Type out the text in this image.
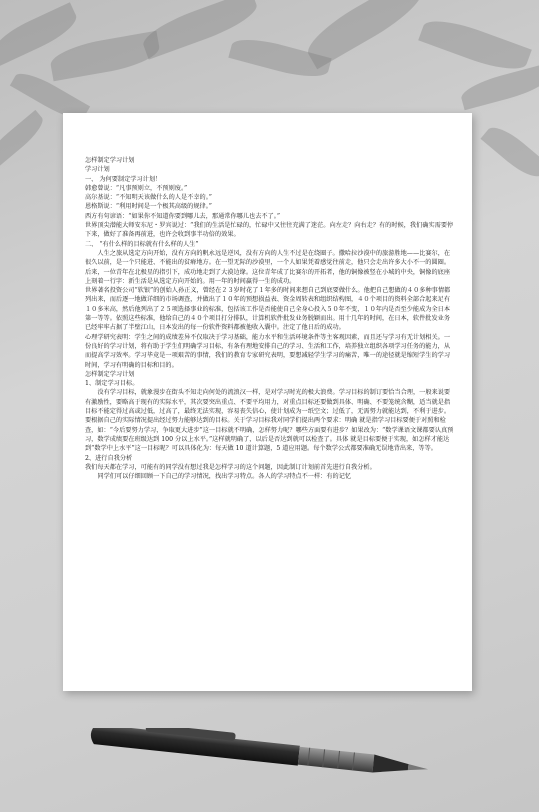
怎样制定学习计划

学习计划

一、 为何要制定学习计划！

韩愈曾说：“凡事预则立，不预则废。”

高尔基说：“不知明天该做什么的人是不幸的。”

恩格斯说：“利用时间是一个极其高级的规律。”

西方有句谚语：“如果你不知道你要到哪儿去，那通常你哪儿也去不了。”

世界顶尖潜能大师安东尼・罗宾说过：“我们的生活是忙碌的，忙碌中又往往充满了迷茫。向左走？向右走？有的时候，我们确实需要停下来，做好了准备再前进，也许会收到事半功倍的效果。

二、 “有什么样的目标就有什么样的人生”

人生之旅从选定方向开始，没有方向的帆永远是逆风，没有方向的人生不过是在绕圈子。撒哈拉沙漠中的旅游胜地——比赛尔，在很久以前，是一个只能进、不能出的贫瘠地方。在一望无际的沙漠里，一个人如果凭着感觉往前走，他只会走出许多大小不一的圆圈。后来，一位青年在北极星的指引下，成功地走到了大漠边缘。这位青年成了比赛尔的开拓者，他的铜像被竖在小城的中央，铜像的底座上刻着一行字：新生活是从选定方向开始的。用一年的时间赢得一生的成功。

世界著名投资公司“软银”的创始人孙正义，曾经在２３岁时花了１年多的时间来想自己到底要做什么。他把自己想做的４０多种事情都列出来，而后逐一地做详细的市场调查，并做出了１０年的预想损益表、资金周转表和组织结构图，４０个项目的资料全部合起来足有１０多米高，然后他列出了２５项选择事业的标准，包括该工作是否能使自己全身心投入５０年不变，１０年内是否至少能成为全日本第一等等。依照这些标准，他给自己的４０个项目打分排队，计算机软件批发业务脱颖而出。用十几年的时间，在日本，软件批发业务已经牢牢占据了半壁江山，日本发出的每一份软件资料都被他收入囊中。注定了他日后的成功。

心理学研究表明：学生之间的成绩差异不仅取决于学习基础，能力水平和生活环境条件等主客观因素，而且还与学习有无计划相关。一份良好的学习计划，将有助于学生们明确学习目标，有条有理地安排自己的学习、生活和工作，培养独立组织各项学习任务的能力，从而提高学习效率。学习毕竟是一项艰苦的事情，我们的教育专家研究表明，要想减轻学生学习的痛苦，唯一的途径就是缩短学生的学习时间，学习有明确的目标和目的。

怎样制定学习计划

1、制定学习目标。

没有学习目标，就象漫步在街头不知走向何处的流浪汉一样，是对学习时光的极大浪费。学习目标的制订要恰当合理，一般来说要有激励性，要略高于现有的实际水平，其次要突出重点、不要平均用力，对重点目标还要做到具体、明确、不要笼统含糊，适当就是指目标不能定得过高或过低，过高了，最终无法实现，容易丧失信心，使计划成为一纸空文；过低了，无需努力就能达到，不利于进步。要根据自己的实际情况提出经过努力能够达到的目标。关于学习目标我对同学们提出两个要求：明确 就是指学习目标要便于对照和检查，如：“今后要努力学习，争取更大进步”这一目标就不明确，怎样努力呢？哪些方面要有进步？如果改为：“数学课语文课都要认真预习，数学成绩要在班级达到 100 分以上水平。”这样就明确了，以后是否达到就可以检查了。具体 就是目标要便于实现，如怎样才能达到“数学中上水平”这一目标呢？可以具体化为：每天做 10 道计算题，5 道应用题。每个数学公式都要准确无误地背出来，等等。

2、进行自我分析

我们每天都在学习，可能有的同学没有想过我是怎样学习的这个问题，因此制订计划前首先进行自我分析。

同学们可以仔细回顾一下自己的学习情况，找出学习特点。各人的学习特点不一样：有的记忆
